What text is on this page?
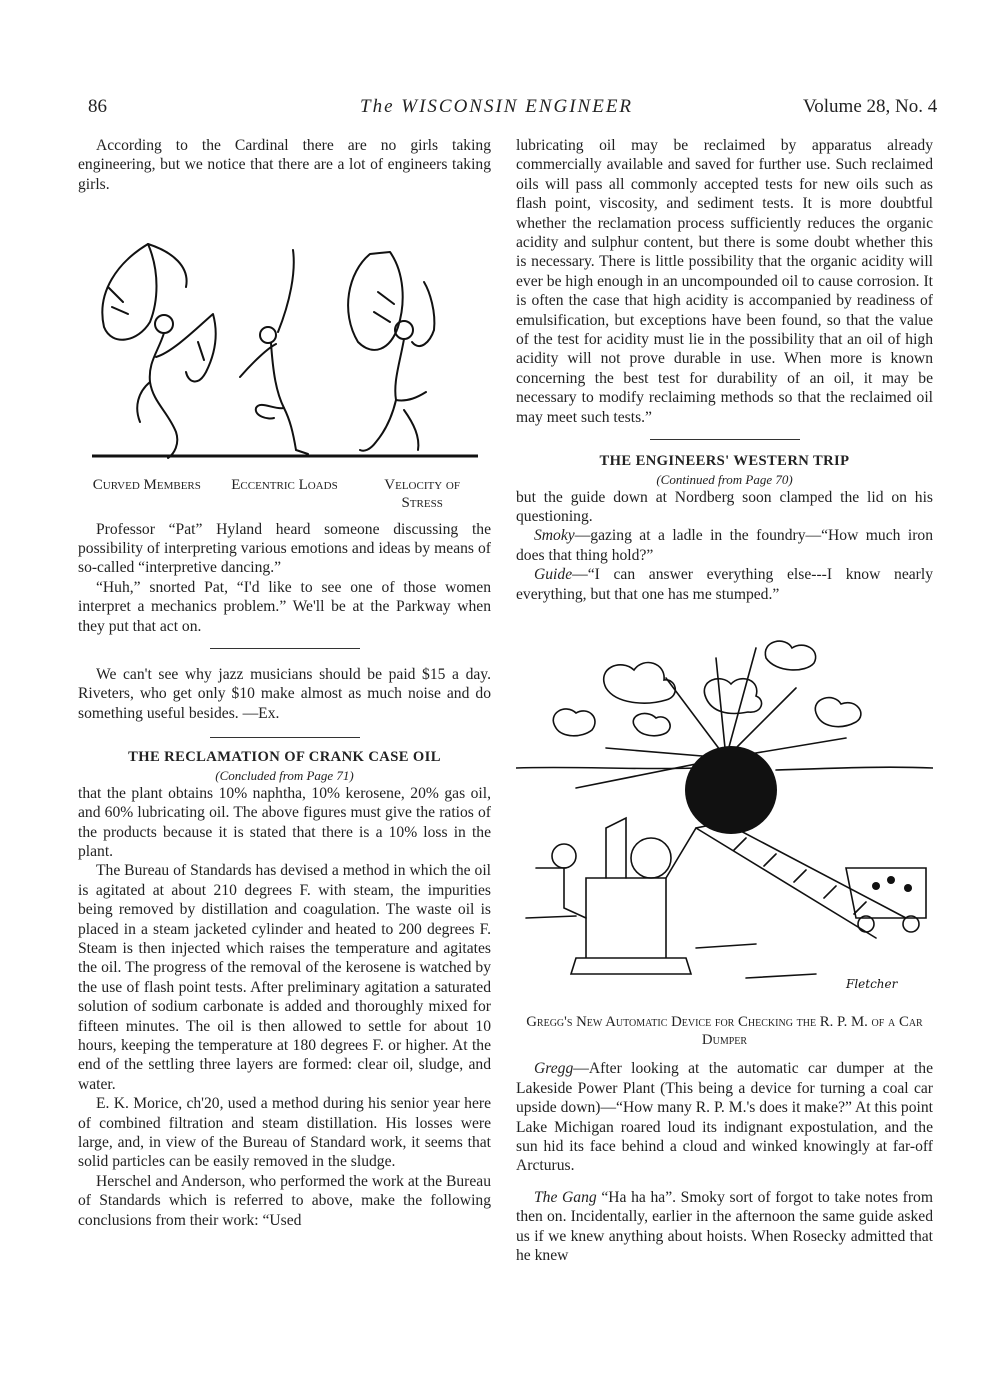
86	The WISCONSIN ENGINEER	Volume 28, No. 4

According to the Cardinal there are no girls taking engineering, but we notice that there are a lot of engineers taking girls.

Curved Members Eccentric Loads	Velocity of Stress

Professor “Pat” Hyland heard someone discussing the possibility of interpreting various emotions and ideas by means of so-called “interpretive dancing.”

“Huh,” snorted Pat, “I'd like to see one of those women interpret a mechanics problem.” We'll be at the Parkway when they put that act on.

We can't see why jazz musicians should be paid $15 a day. Riveters, who get only $10 make almost as much noise and do something useful besides. —Ex.

THE RECLAMATION OF CRANK CASE OIL
(Concluded from Page 71)

that the plant obtains 10% naphtha, 10% kerosene, 20% gas oil, and 60% lubricating oil. The above figures must give the ratios of the products because it is stated that there is a 10% loss in the plant.

The Bureau of Standards has devised a method in which the oil is agitated at about 210 degrees F. with steam, the impurities being removed by distillation and coagulation. The waste oil is placed in a steam jacketed cylinder and heated to 200 degrees F. Steam is then injected which raises the temperature and agitates the oil. The progress of the removal of the kerosene is watched by the use of flash point tests. After preliminary agitation a saturated solution of sodium carbonate is added and thoroughly mixed for fifteen minutes. The oil is then allowed to settle for about 10 hours, keeping the temperature at 180 degrees F. or higher. At the end of the settling three layers are formed: clear oil, sludge, and water.

E. K. Morice, ch'20, used a method during his senior year here of combined filtration and steam distillation. His losses were large, and, in view of the Bureau of Standard work, it seems that solid particles can be easily removed in the sludge.

Herschel and Anderson, who performed the work at the Bureau of Standards which is referred to above, make the following conclusions from their work: “Used

lubricating oil may be reclaimed by apparatus already commercially available and saved for further use. Such reclaimed oils will pass all commonly accepted tests for new oils such as flash point, viscosity, and sediment tests. It is more doubtful whether the reclamation process sufficiently reduces the organic acidity and sulphur content, but there is some doubt whether this is necessary. There is little possibility that the organic acidity will ever be high enough in an uncompounded oil to cause corrosion. It is often the case that high acidity is accompanied by readiness of emulsification, but exceptions have been found, so that the value of the test for acidity must lie in the possibility that an oil of high acidity will not prove durable in use. When more is known concerning the best test for durability of an oil, it may be necessary to modify reclaiming methods so that the reclaimed oil may meet such tests.”

THE ENGINEERS' WESTERN TRIP
(Continued from Page 70)

but the guide down at Nordberg soon clamped the lid on his questioning.

Smoky—gazing at a ladle in the foundry—“How much iron does that thing hold?”

Guide—“I can answer everything else---I know nearly everything, but that one has me stumped.”

Fletcher
Gregg's New Automatic Device for Checking the R. P. M. of a Car Dumper

Gregg—After looking at the automatic car dumper at the Lakeside Power Plant (This being a device for turning a coal car upside down)—“How many R. P. M.'s does it make?” At this point Lake Michigan roared loud its indignant expostulation, and the sun hid its face behind a cloud and winked knowingly at far-off Arcturus.

The Gang “Ha ha ha”. Smoky sort of forgot to take notes from then on. Incidentally, earlier in the afternoon the same guide asked us if we knew anything about hoists. When Rosecky admitted that he knew
